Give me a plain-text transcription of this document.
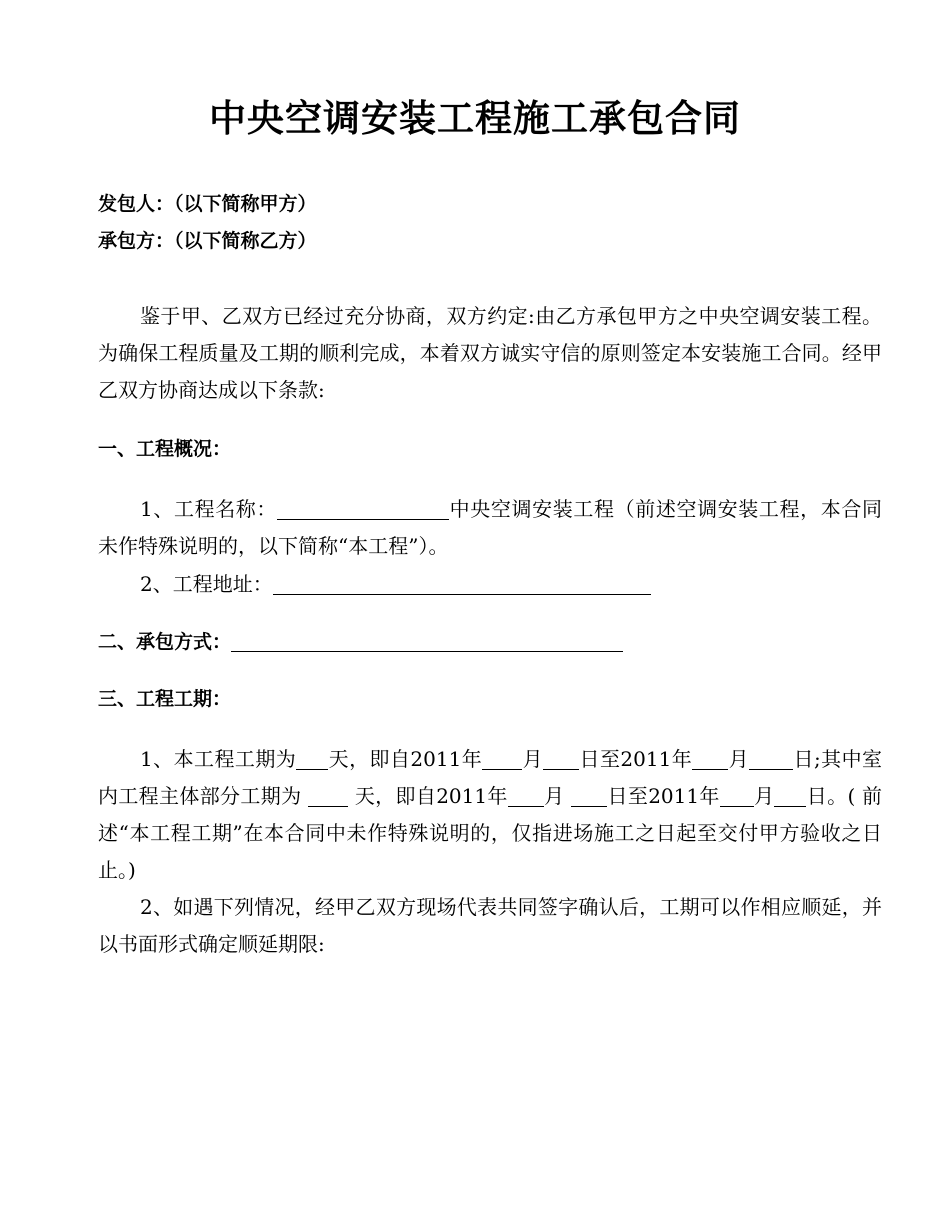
中央空调安装工程施工承包合同
发包人：（以下简称甲方）
承包方：（以下简称乙方）
鉴于甲、乙双方已经过充分协商，双方约定:由乙方承包甲方之中央空调安装工程。为确保工程质量及工期的顺利完成，本着双方诚实守信的原则签定本安装施工合同。经甲乙双方协商达成以下条款:
一、工程概况：
1、工程名称：	中央空调安装工程（前述空调安装工程，本合同未作特殊说明的，以下简称“本工程”）。
2、工程地址：
二、承包方式：
三、工程工期：
1、本工程工期为 天，即自2011年 月 日至2011年 月 日;其中室内工程主体部分工期为  天，即自2011年 月 日至2011年 月 日。( 前述“本工程工期”在本合同中未作特殊说明的，仅指进场施工之日起至交付甲方验收之日止。)
2、如遇下列情况，经甲乙双方现场代表共同签字确认后，工期可以作相应顺延，并以书面形式确定顺延期限:
